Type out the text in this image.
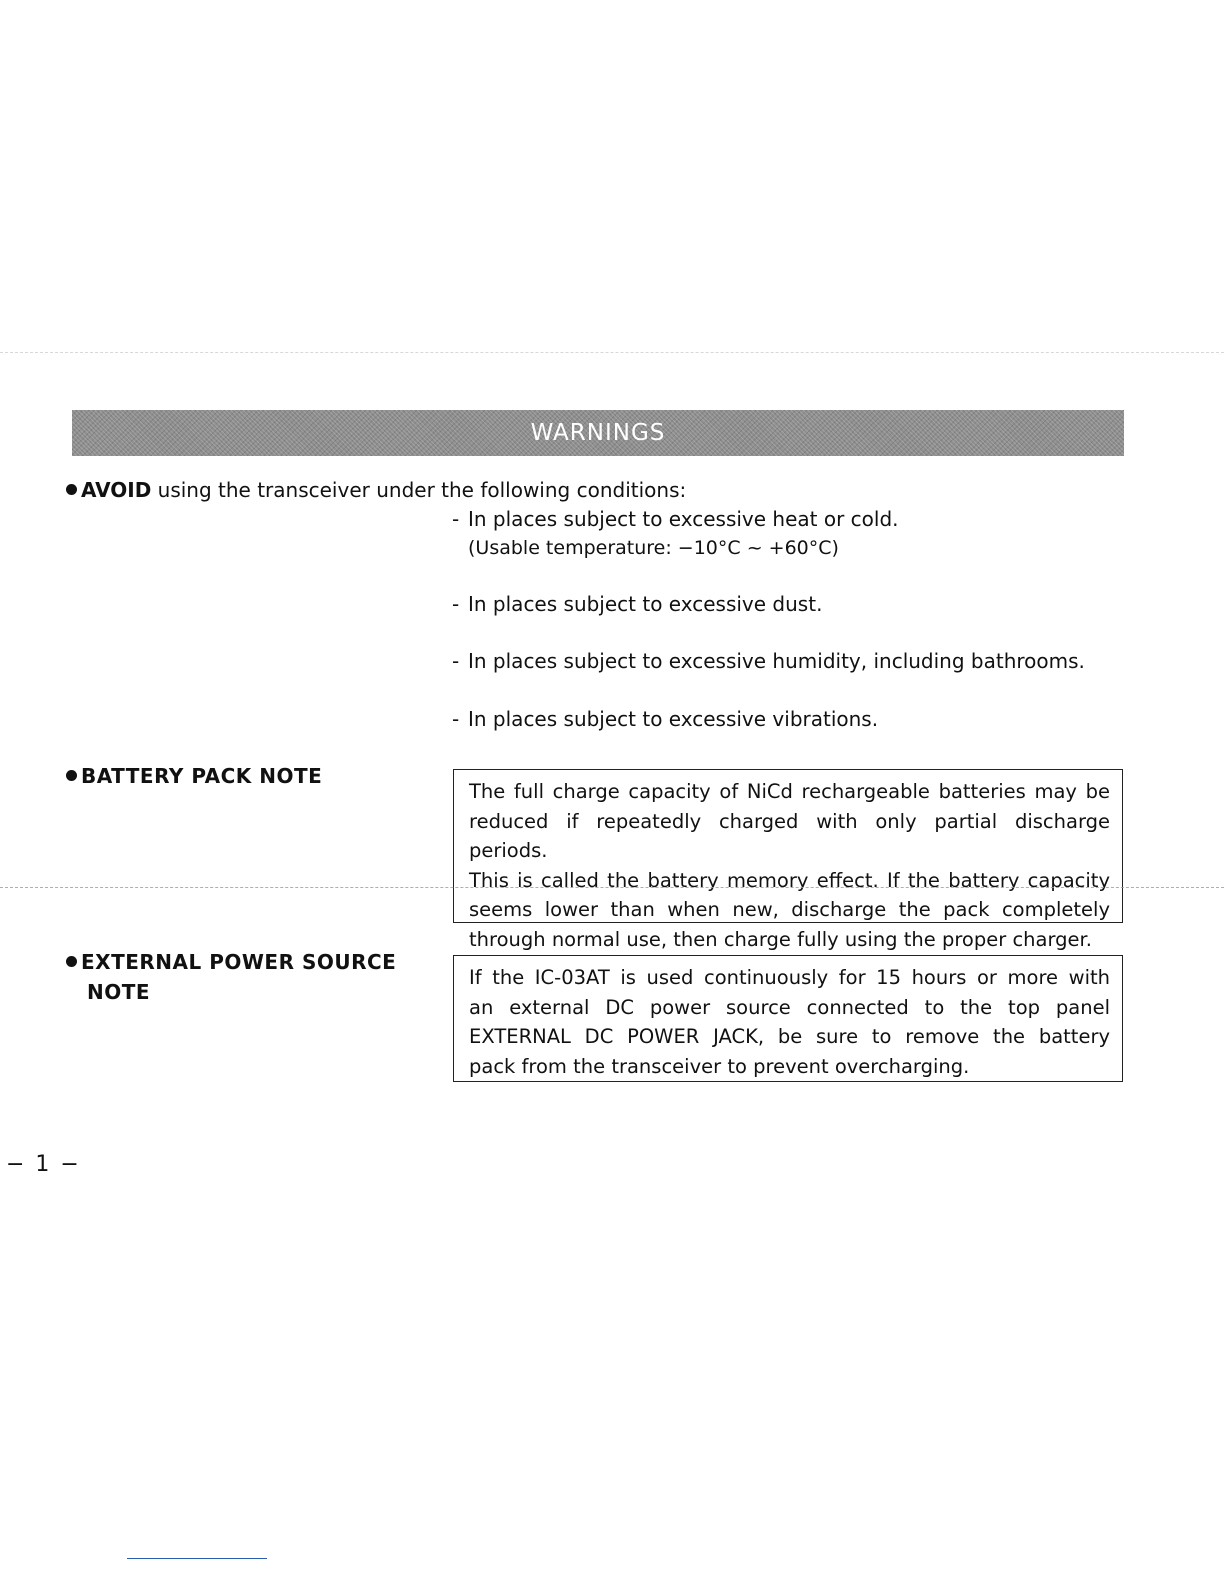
WARNINGS
AVOID using the transceiver under the following conditions:
- In places subject to excessive heat or cold.
(Usable temperature: −10°C ~ +60°C)
- In places subject to excessive dust.
- In places subject to excessive humidity, including bathrooms.
- In places subject to excessive vibrations.
BATTERY PACK NOTE
The full charge capacity of NiCd rechargeable batteries may be
reduced if repeatedly charged with only partial discharge periods.
This is called the battery memory effect. If the battery capacity
seems lower than when new, discharge the pack completely
through normal use, then charge fully using the proper charger.
EXTERNAL POWER SOURCE
NOTE
If the IC-03AT is used continuously for 15 hours or more with
an external DC power source connected to the top panel
EXTERNAL DC POWER JACK, be sure to remove the battery
pack from the transceiver to prevent overcharging.
− 1 −
